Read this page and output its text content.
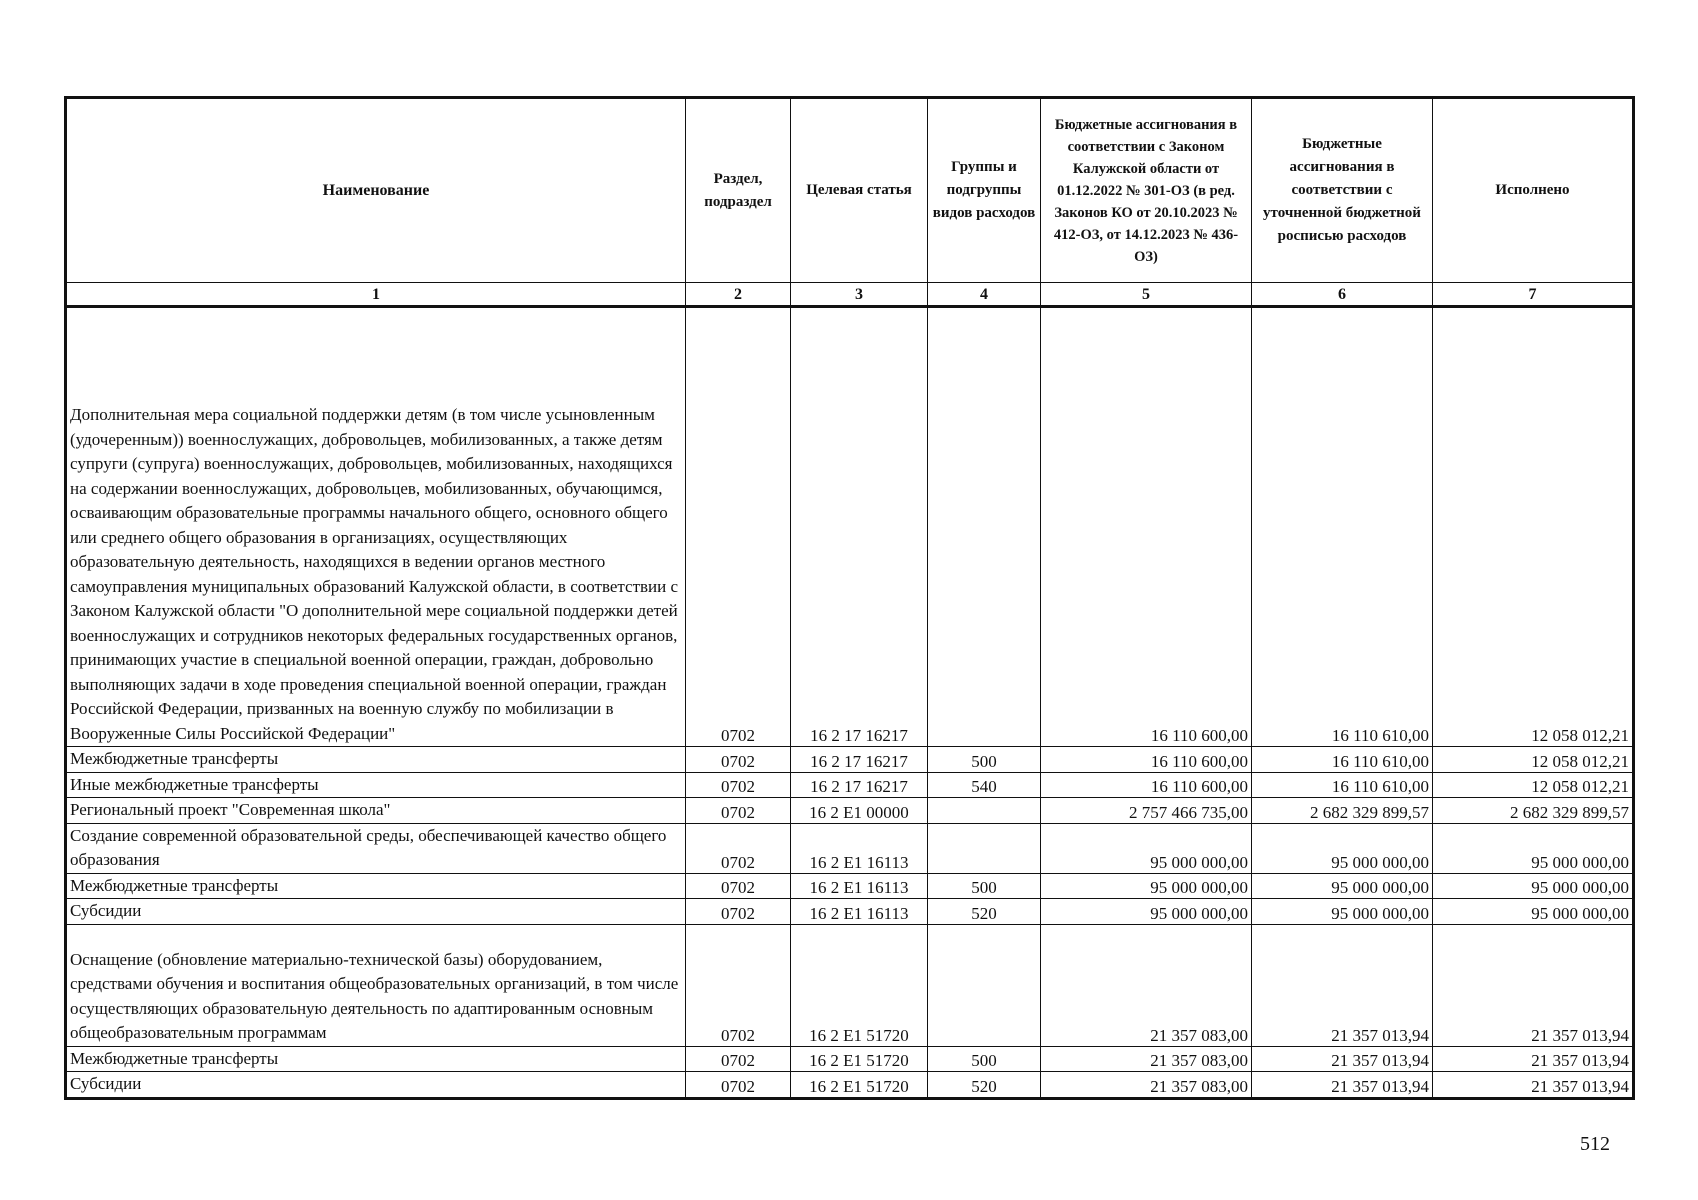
Наименование	Раздел, подраздел	Целевая статья	Группы и подгруппы видов расходов	Бюджетные ассигнования в соответствии с Законом Калужской области от 01.12.2022 № 301-ОЗ (в ред. Законов КО от 20.10.2023 № 412-ОЗ, от 14.12.2023 № 436-ОЗ)	Бюджетные ассигнования в соответствии с уточненной бюджетной росписью расходов	Исполнено
1	2	3	4	5	6	7
Дополнительная мера социальной поддержки детям (в том числе усыновленным (удочеренным)) военнослужащих, добровольцев, мобилизованных, а также детям супруги (супруга) военнослужащих, добровольцев, мобилизованных, находящихся на содержании военнослужащих, добровольцев, мобилизованных, обучающимся, осваивающим образовательные программы начального общего, основного общего или среднего общего образования в организациях, осуществляющих образовательную деятельность, находящихся в ведении органов местного самоуправления муниципальных образований Калужской области, в соответствии с Законом Калужской области "О дополнительной мере социальной поддержки детей военнослужащих и сотрудников некоторых федеральных государственных органов, принимающих участие в специальной военной операции, граждан, добровольно выполняющих задачи в ходе проведения специальной военной операции, граждан Российской Федерации, призванных на военную службу по мобилизации в Вооруженные Силы Российской Федерации"	0702	16 2 17 16217		16 110 600,00	16 110 610,00	12 058 012,21
Межбюджетные трансферты	0702	16 2 17 16217	500	16 110 600,00	16 110 610,00	12 058 012,21
Иные межбюджетные трансферты	0702	16 2 17 16217	540	16 110 600,00	16 110 610,00	12 058 012,21
Региональный проект "Современная школа"	0702	16 2 E1 00000		2 757 466 735,00	2 682 329 899,57	2 682 329 899,57
Создание современной образовательной среды, обеспечивающей качество общего образования	0702	16 2 E1 16113		95 000 000,00	95 000 000,00	95 000 000,00
Межбюджетные трансферты	0702	16 2 E1 16113	500	95 000 000,00	95 000 000,00	95 000 000,00
Субсидии	0702	16 2 E1 16113	520	95 000 000,00	95 000 000,00	95 000 000,00
Оснащение (обновление материально-технической базы) оборудованием, средствами обучения и воспитания общеобразовательных организаций, в том числе осуществляющих образовательную деятельность по адаптированным основным общеобразовательным программам	0702	16 2 E1 51720		21 357 083,00	21 357 013,94	21 357 013,94
Межбюджетные трансферты	0702	16 2 E1 51720	500	21 357 083,00	21 357 013,94	21 357 013,94
Субсидии	0702	16 2 E1 51720	520	21 357 083,00	21 357 013,94	21 357 013,94
512
